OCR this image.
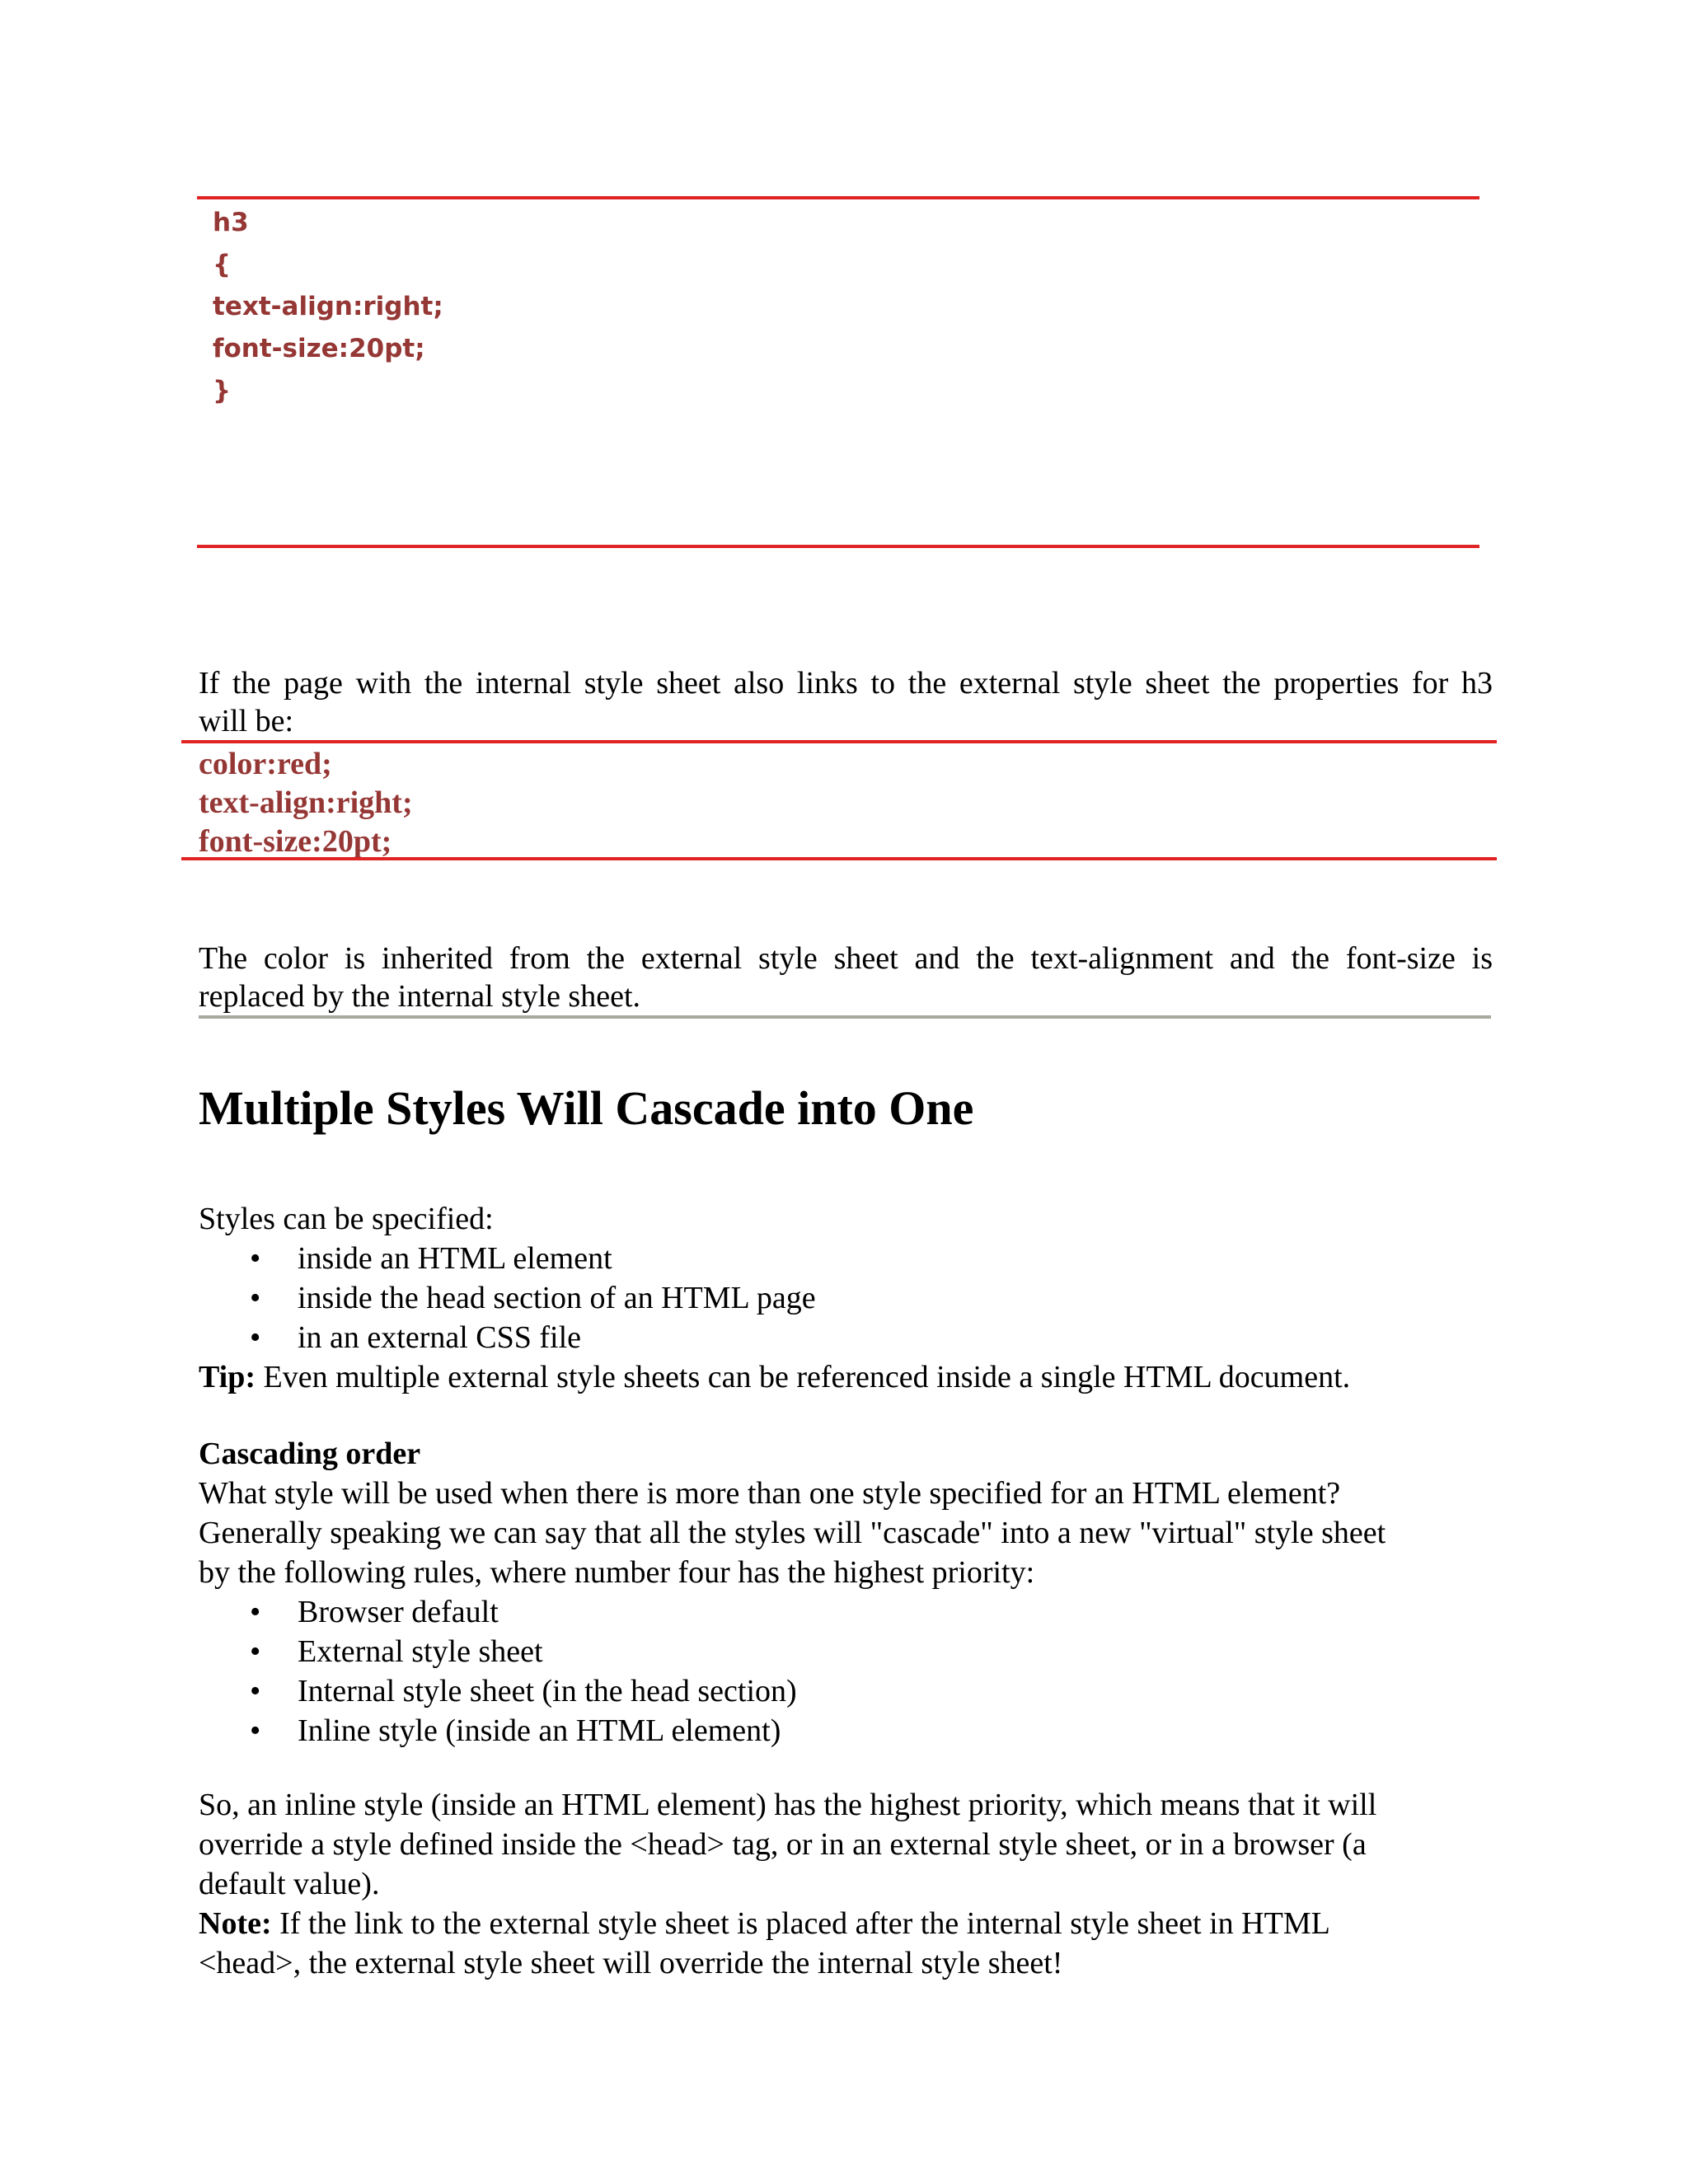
h3
{
text-align:right;
font-size:20pt;
}
If the page with the internal style sheet also links to the external style sheet the properties for h3
will be:
color:red;
text-align:right;
font-size:20pt;
The color is inherited from the external style sheet and the text-alignment and the font-size is
replaced by the internal style sheet.
Multiple Styles Will Cascade into One
Styles can be specified:
• inside an HTML element
• inside the head section of an HTML page
• in an external CSS file
Tip: Even multiple external style sheets can be referenced inside a single HTML document.
Cascading order
What style will be used when there is more than one style specified for an HTML element?
Generally speaking we can say that all the styles will "cascade" into a new "virtual" style sheet
by the following rules, where number four has the highest priority:
• Browser default
• External style sheet
• Internal style sheet (in the head section)
• Inline style (inside an HTML element)
So, an inline style (inside an HTML element) has the highest priority, which means that it will
override a style defined inside the <head> tag, or in an external style sheet, or in a browser (a
default value).
Note: If the link to the external style sheet is placed after the internal style sheet in HTML
<head>, the external style sheet will override the internal style sheet!
